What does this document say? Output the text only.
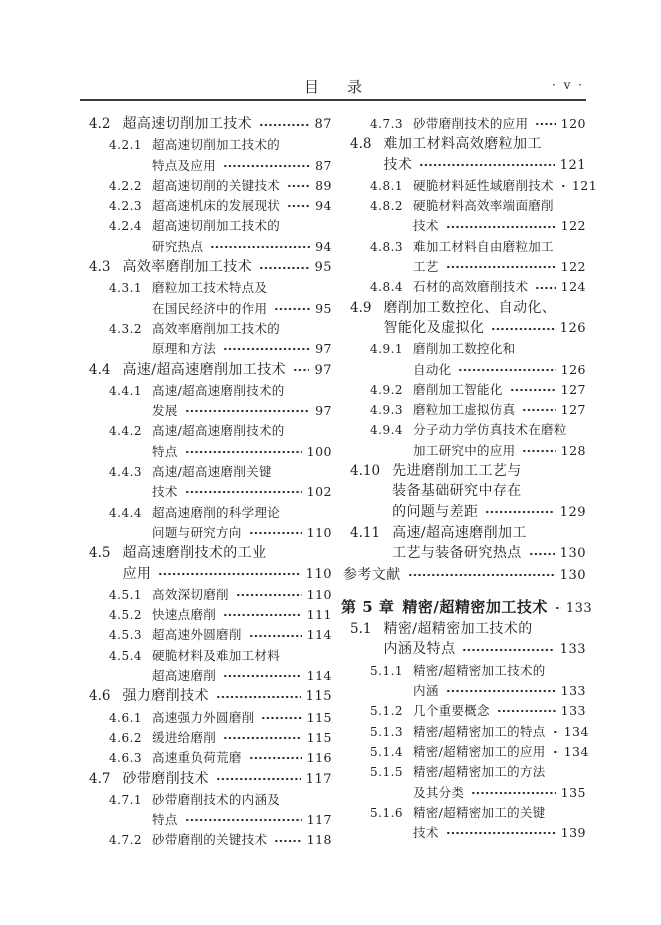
目 录	· v ·
4.2 超高速切削加工技术	87
4.2.1 超高速切削加工技术的
特点及应用	87
4.2.2 超高速切削的关键技术	89
4.2.3 超高速机床的发展现状	94
4.2.4 超高速切削加工技术的
研究热点	94
4.3 高效率磨削加工技术	95
4.3.1 磨粒加工技术特点及
在国民经济中的作用	95
4.3.2 高效率磨削加工技术的
原理和方法	97
4.4 高速/超高速磨削加工技术 97
4.4.1 高速/超高速磨削技术的
发展	97
4.4.2 高速/超高速磨削技术的
特点	100
4.4.3 高速/超高速磨削关键
技术	102
4.4.4 超高速磨削的科学理论
问题与研究方向	110
4.5 超高速磨削技术的工业
应用	110
4.5.1 高效深切磨削	110
4.5.2 快速点磨削	111
4.5.3 超高速外圆磨削	114
4.5.4 硬脆材料及难加工材料
超高速磨削	114
4.6 强力磨削技术	115
4.6.1 高速强力外圆磨削	115
4.6.2 缓进给磨削	115
4.6.3 高速重负荷荒磨	116
4.7 砂带磨削技术	117
4.7.1 砂带磨削技术的内涵及
特点	117
4.7.2 砂带磨削的关键技术	118
4.7.3 砂带磨削技术的应用	120
4.8 难加工材料高效磨粒加工
技术	121
4.8.1 硬脆材料延性域磨削技术 121
4.8.2 硬脆材料高效率端面磨削
技术	122
4.8.3 难加工材料自由磨粒加工
工艺	122
4.8.4 石材的高效磨削技术	124
4.9 磨削加工数控化、自动化、
智能化及虚拟化	126
4.9.1 磨削加工数控化和
自动化	126
4.9.2 磨削加工智能化	127
4.9.3 磨粒加工虚拟仿真	127
4.9.4 分子动力学仿真技术在磨粒
加工研究中的应用	128
4.10 先进磨削加工工艺与
装备基础研究中存在
的问题与差距	129
4.11 高速/超高速磨削加工
工艺与装备研究热点	130
参考文献	130
第 5 章 精密/超精密加工技术 133
5.1 精密/超精密加工技术的
内涵及特点	133
5.1.1 精密/超精密加工技术的
内涵	133
5.1.2 几个重要概念	133
5.1.3 精密/超精密加工的特点 134
5.1.4 精密/超精密加工的应用 134
5.1.5 精密/超精密加工的方法
及其分类	135
5.1.6 精密/超精密加工的关键
技术	139
